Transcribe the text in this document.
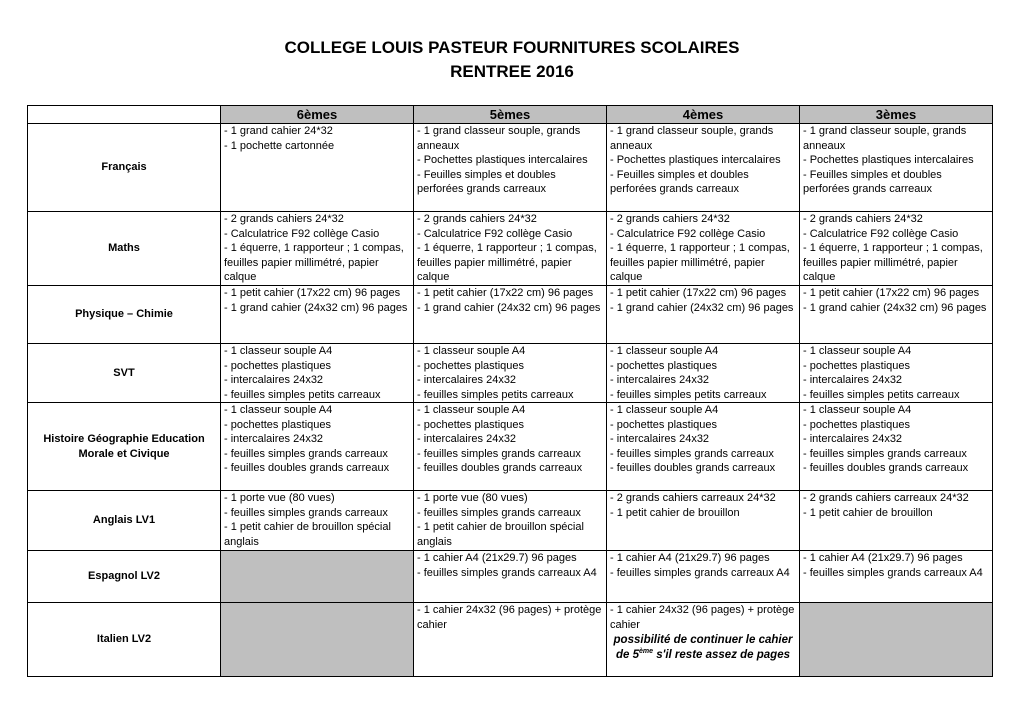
COLLEGE LOUIS PASTEUR FOURNITURES SCOLAIRES
RENTREE 2016
	6èmes	5èmes	4èmes	3èmes
Français	- 1 grand cahier 24*32
- 1 pochette cartonnée	- 1 grand classeur souple, grands anneaux
- Pochettes plastiques intercalaires
- Feuilles simples et doubles perforées grands carreaux	- 1 grand classeur souple, grands anneaux
- Pochettes plastiques intercalaires
- Feuilles simples et doubles perforées grands carreaux	- 1 grand classeur souple, grands anneaux
- Pochettes plastiques intercalaires
- Feuilles simples et doubles perforées grands carreaux

Maths	- 2 grands cahiers 24*32
- Calculatrice F92 collège Casio
- 1 équerre, 1 rapporteur ; 1 compas, feuilles papier millimétré, papier calque	- 2 grands cahiers 24*32
- Calculatrice F92 collège Casio
- 1 équerre, 1 rapporteur ; 1 compas, feuilles papier millimétré, papier calque	- 2 grands cahiers 24*32
- Calculatrice F92 collège Casio
- 1 équerre, 1 rapporteur ; 1 compas, feuilles papier millimétré, papier calque	- 2 grands cahiers 24*32
- Calculatrice F92 collège Casio
- 1 équerre, 1 rapporteur ; 1 compas, feuilles papier millimétré, papier calque

Physique – Chimie	- 1 petit cahier (17x22 cm) 96 pages
- 1 grand cahier (24x32 cm) 96 pages	- 1 petit cahier (17x22 cm) 96 pages
- 1 grand cahier (24x32 cm) 96 pages	- 1 petit cahier (17x22 cm) 96 pages
- 1 grand cahier (24x32 cm) 96 pages	- 1 petit cahier (17x22 cm) 96 pages
- 1 grand cahier (24x32 cm) 96 pages

SVT	- 1 classeur souple A4
- pochettes plastiques
- intercalaires 24x32
- feuilles simples petits carreaux	- 1 classeur souple A4
- pochettes plastiques
- intercalaires 24x32
- feuilles simples petits carreaux	- 1 classeur souple A4
- pochettes plastiques
- intercalaires 24x32
- feuilles simples petits carreaux	- 1 classeur souple A4
- pochettes plastiques
- intercalaires 24x32
- feuilles simples petits carreaux

Histoire Géographie Education Morale et Civique	- 1 classeur souple A4
- pochettes plastiques
- intercalaires 24x32
- feuilles simples grands carreaux
- feuilles doubles grands carreaux	- 1 classeur souple A4
- pochettes plastiques
- intercalaires 24x32
- feuilles simples grands carreaux
- feuilles doubles grands carreaux	- 1 classeur souple A4
- pochettes plastiques
- intercalaires 24x32
- feuilles simples grands carreaux
- feuilles doubles grands carreaux	- 1 classeur souple A4
- pochettes plastiques
- intercalaires 24x32
- feuilles simples grands carreaux
- feuilles doubles grands carreaux

Anglais LV1	- 1 porte vue (80 vues)
- feuilles simples grands carreaux
- 1 petit cahier de brouillon spécial anglais	- 1 porte vue (80 vues)
- feuilles simples grands carreaux
- 1 petit cahier de brouillon spécial anglais	- 2 grands cahiers carreaux 24*32
- 1 petit cahier de brouillon	- 2 grands cahiers carreaux 24*32
- 1 petit cahier de brouillon

Espagnol LV2		- 1 cahier A4 (21x29.7) 96 pages
- feuilles simples grands carreaux A4	- 1 cahier A4 (21x29.7) 96 pages
- feuilles simples grands carreaux A4	- 1 cahier A4 (21x29.7) 96 pages
- feuilles simples grands carreaux A4

Italien LV2		- 1 cahier 24x32 (96 pages) + protège cahier	- 1 cahier 24x32 (96 pages) + protège cahier
possibilité de continuer le cahier de 5ème s'il reste assez de pages	
